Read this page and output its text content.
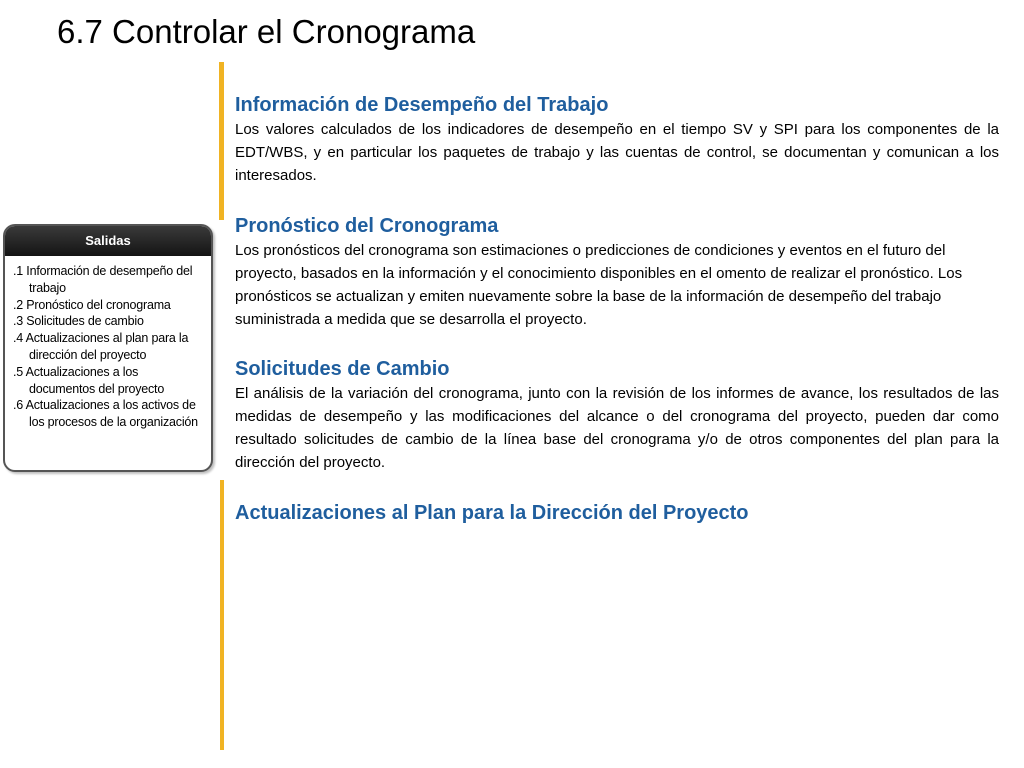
6.7 Controlar el Cronograma
Salidas
.1 Información de desempeño del trabajo
.2 Pronóstico del cronograma
.3 Solicitudes de cambio
.4 Actualizaciones al plan para la dirección del proyecto
.5 Actualizaciones a los documentos del proyecto
.6 Actualizaciones a los activos de los procesos de la organización
Información de Desempeño del Trabajo

Los valores calculados de los indicadores de desempeño en el tiempo SV y SPI para los componentes de la EDT/WBS, y en particular los paquetes de trabajo y las cuentas de control, se documentan y comunican a los interesados.

Pronóstico del Cronograma

Los pronósticos del cronograma son estimaciones o predicciones de condiciones y eventos en el futuro del proyecto, basados en la información y el conocimiento disponibles en el omento de realizar el pronóstico. Los pronósticos se actualizan y emiten nuevamente sobre la base de la información de desempeño del trabajo suministrada a medida que se desarrolla el proyecto.

Solicitudes de Cambio

El análisis de la variación del cronograma, junto con la revisión de los informes de avance, los resultados de las medidas de desempeño y las modificaciones del alcance o del cronograma del proyecto, pueden dar como resultado solicitudes de cambio de la línea base del cronograma y/o de otros componentes del plan para la dirección del proyecto.

Actualizaciones al Plan para la Dirección del Proyecto
